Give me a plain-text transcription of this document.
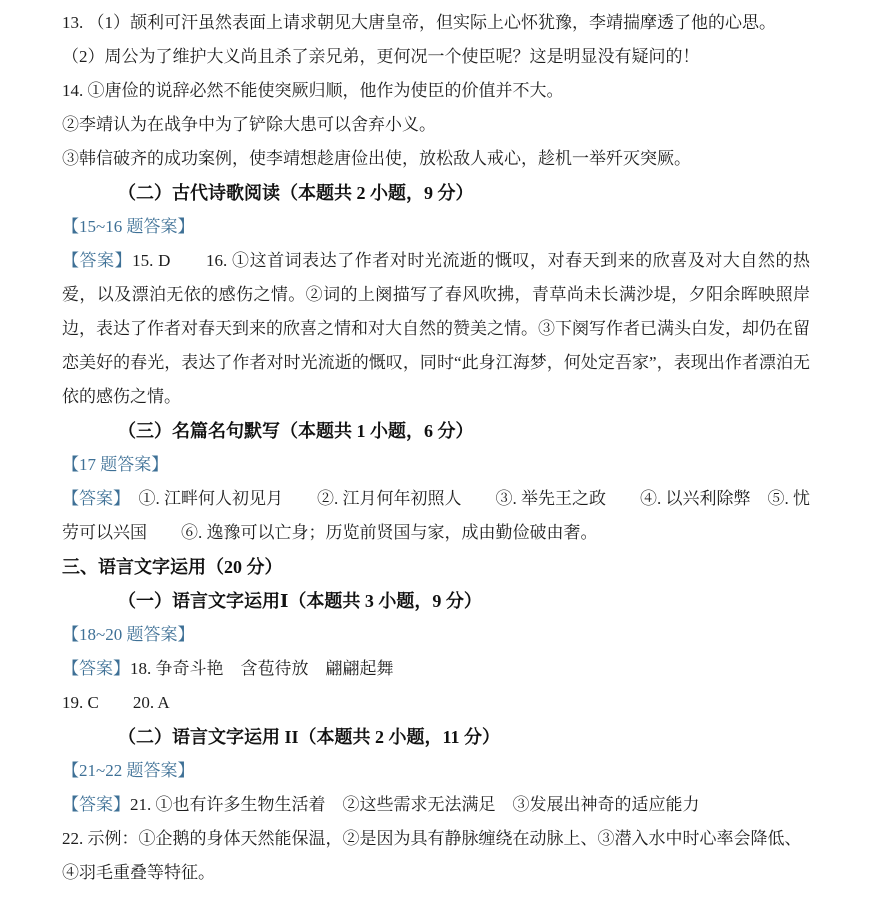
13. （1）颉利可汗虽然表面上请求朝见大唐皇帝，但实际上心怀犹豫，李靖揣摩透了他的心思。

（2）周公为了维护大义尚且杀了亲兄弟，更何况一个使臣呢？这是明显没有疑问的！

14. ①唐俭的说辞必然不能使突厥归顺，他作为使臣的价值并不大。

②李靖认为在战争中为了铲除大患可以舍弃小义。

③韩信破齐的成功案例，使李靖想趁唐俭出使，放松敌人戒心，趁机一举歼灭突厥。

（二）古代诗歌阅读（本题共 2 小题，9 分）

【15~16 题答案】

【答案】15. D　　16. ①这首词表达了作者对时光流逝的慨叹，对春天到来的欣喜及对大自然的热爱，以及漂泊无依的感伤之情。②词的上阕描写了春风吹拂，青草尚未长满沙堤，夕阳余晖映照岸边，表达了作者对春天到来的欣喜之情和对大自然的赞美之情。③下阕写作者已满头白发，却仍在留恋美好的春光，表达了作者对时光流逝的慨叹，同时“此身江海梦，何处定吾家”，表现出作者漂泊无依的感伤之情。

（三）名篇名句默写（本题共 1 小题，6 分）

【17 题答案】

【答案】　①. 江畔何人初见月　　②. 江月何年初照人　　③. 举先王之政　　④. 以兴利除弊　⑤. 忧劳可以兴国　　⑥. 逸豫可以亡身；历览前贤国与家，成由勤俭破由奢。

三、语言文字运用（20 分）

（一）语言文字运用Ⅰ（本题共 3 小题，9 分）

【18~20 题答案】

【答案】18. 争奇斗艳　含苞待放　翩翩起舞

19. C　　20. A

（二）语言文字运用 II（本题共 2 小题，11 分）

【21~22 题答案】

【答案】21. ①也有许多生物生活着　②这些需求无法满足　③发展出神奇的适应能力

22. 示例：①企鹅的身体天然能保温，②是因为具有静脉缠绕在动脉上、③潜入水中时心率会降低、④羽毛重叠等特征。
